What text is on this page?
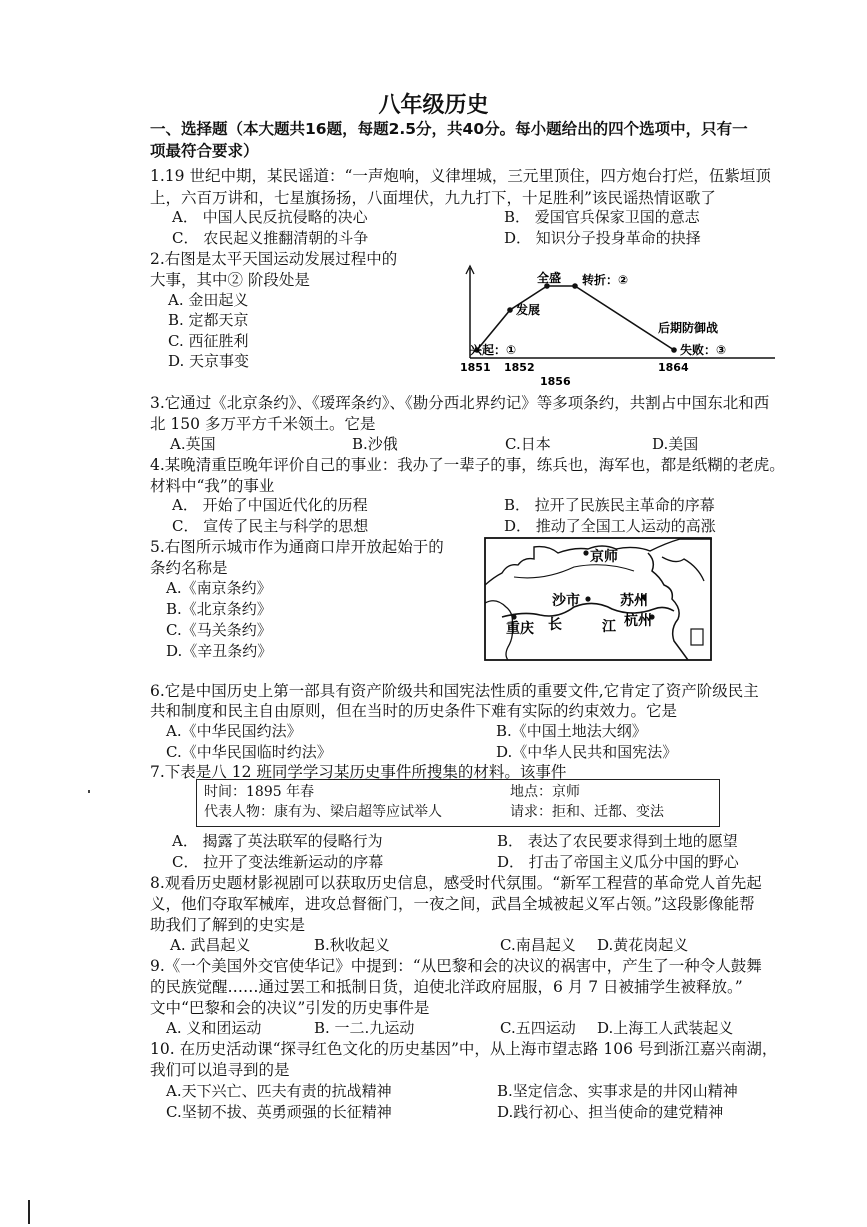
八年级历史
一、选择题（本大题共16题，每题2.5分，共40分。每小题给出的四个选项中，只有一
项最符合要求）
1.19 世纪中期，某民谣道：“一声炮响，义律埋城，三元里顶住，四方炮台打烂，伍紫垣顶
上，六百万讲和，七星旗扬扬，八面埋伏，九九打下，十足胜利”该民谣热情讴歌了
A． 中国人民反抗侵略的决心	B． 爱国官兵保家卫国的意志
C． 农民起义推翻清朝的斗争	D． 知识分子投身革命的抉择
2.右图是太平天国运动发展过程中的
大事，其中② 阶段处是
A. 金田起义
B. 定都天京
C. 西征胜利
D. 天京事变
全盛 转折：②
发展
后期防御战
兴起：①	失败：③
1851 1852
1856
1864
3.它通过《北京条约》、《瑷珲条约》、《勘分西北界约记》等多项条约，共割占中国东北和西
北 150 多万平方千米领土。它是
A.英国	B.沙俄	C.日本	D.美国
4.某晚清重臣晚年评价自己的事业：我办了一辈子的事，练兵也，海军也，都是纸糊的老虎。
材料中“我”的事业
A． 开始了中国近代化的历程	B． 拉开了民族民主革命的序幕
C． 宣传了民主与科学的思想	D． 推动了全国工人运动的高涨
5.右图所示城市作为通商口岸开放起始于的
条约名称是
A.《南京条约》
B.《北京条约》
C.《马关条约》
D.《辛丑条约》
京师
沙市	苏州
重庆 长	江 杭州
6.它是中国历史上第一部具有资产阶级共和国宪法性质的重要文件,它肯定了资产阶级民主
共和制度和民主自由原则，但在当时的历史条件下难有实际的约束效力。它是
A.《中华民国约法》	B.《中国土地法大纲》
C.《中华民国临时约法》	D.《中华人民共和国宪法》
7.下表是八 12 班同学学习某历史事件所搜集的材料。该事件
时间：1895 年春	地点：京师
代表人物：康有为、梁启超等应试举人	请求：拒和、迁都、变法
A． 揭露了英法联军的侵略行为	B． 表达了农民要求得到土地的愿望
C． 拉开了变法维新运动的序幕	D． 打击了帝国主义瓜分中国的野心
8.观看历史题材影视剧可以获取历史信息，感受时代氛围。“新军工程营的革命党人首先起
义，他们夺取军械库，进攻总督衙门，一夜之间，武昌全城被起义军占领。”这段影像能帮
助我们了解到的史实是
A. 武昌起义	B.秋收起义	C.南昌起义 D.黄花岗起义
9.《一个美国外交官使华记》中提到：“从巴黎和会的决议的祸害中，产生了一种令人鼓舞
的民族觉醒……通过罢工和抵制日货，迫使北洋政府屈服，6 月 7 日被捕学生被释放。”
文中“巴黎和会的决议”引发的历史事件是
A. 义和团运动	B. 一二.九运动	C.五四运动 D.上海工人武装起义
10. 在历史活动课“探寻红色文化的历史基因”中，从上海市望志路 106 号到浙江嘉兴南湖，
我们可以追寻到的是
A.天下兴亡、匹夫有责的抗战精神	B.坚定信念、实事求是的井冈山精神
C.坚韧不拔、英勇顽强的长征精神	D.践行初心、担当使命的建党精神
